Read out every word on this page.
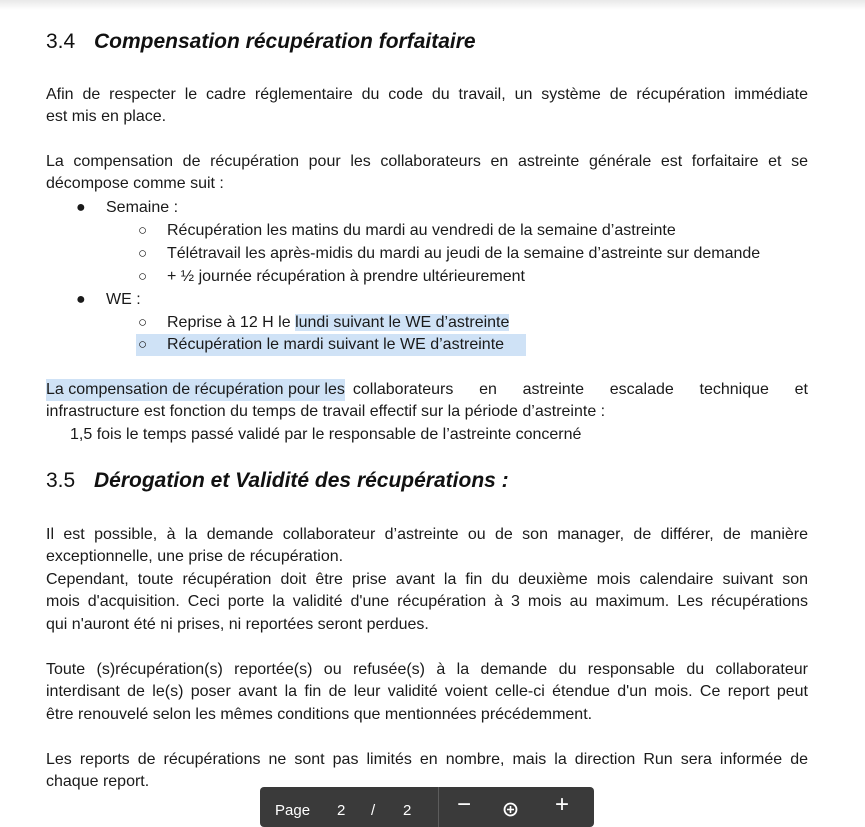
3.4 Compensation récupération forfaitaire
Afin de respecter le cadre réglementaire du code du travail, un système de récupération immédiate
est mis en place.
La compensation de récupération pour les collaborateurs en astreinte générale est forfaitaire et se
décompose comme suit :
● Semaine :
○ Récupération les matins du mardi au vendredi de la semaine d’astreinte
○ Télétravail les après-midis du mardi au jeudi de la semaine d’astreinte sur demande
○ + ½ journée récupération à prendre ultérieurement
● WE :
○ Reprise à 12 H le lundi suivant le WE d’astreinte
○ Récupération le mardi suivant le WE d’astreinte
La compensation de récupération pour les collaborateurs en astreinte escalade technique et
infrastructure est fonction du temps de travail effectif sur la période d’astreinte :
1,5 fois le temps passé validé par le responsable de l’astreinte concerné
3.5 Dérogation et Validité des récupérations :
Il est possible, à la demande collaborateur d’astreinte ou de son manager, de différer, de manière
exceptionnelle, une prise de récupération.
Cependant, toute récupération doit être prise avant la fin du deuxième mois calendaire suivant son
mois d'acquisition. Ceci porte la validité d'une récupération à 3 mois au maximum. Les récupérations
qui n'auront été ni prises, ni reportées seront perdues.
Toute (s)récupération(s) reportée(s) ou refusée(s) à la demande du responsable du collaborateur
interdisant de le(s) poser avant la fin de leur validité voient celle-ci étendue d'un mois. Ce report peut
être renouvelé selon les mêmes conditions que mentionnées précédemment.
Les reports de récupérations ne sont pas limités en nombre, mais la direction Run sera informée de
chaque report.
Page 2 / 2 −	+
